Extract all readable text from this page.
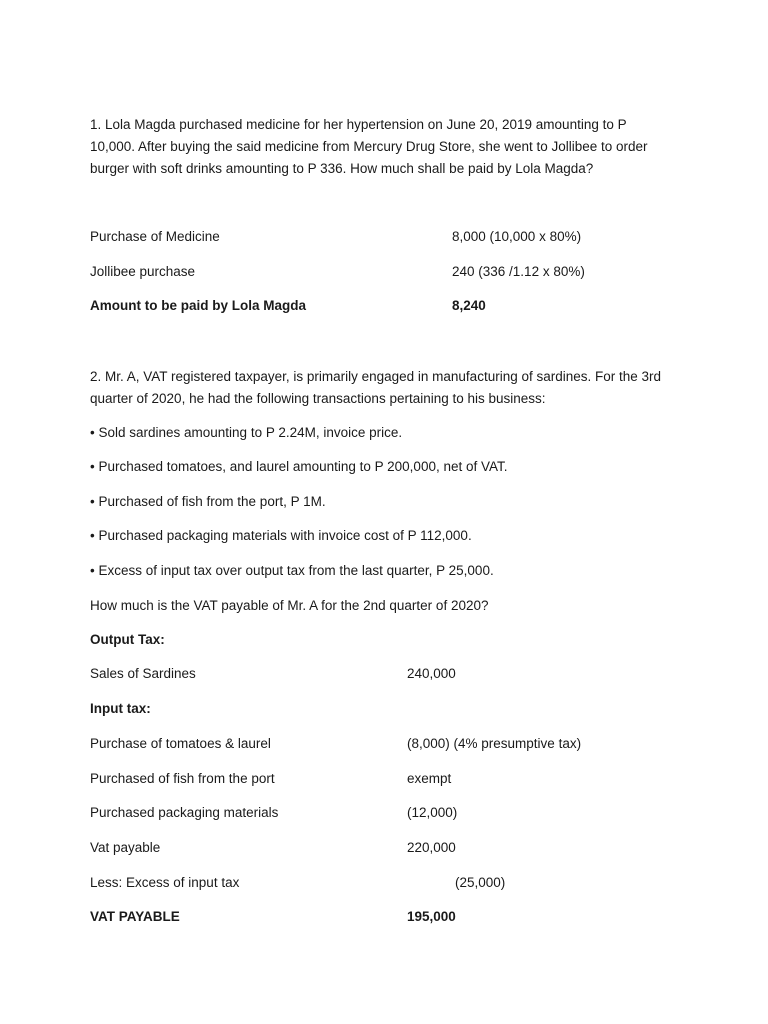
1. Lola Magda purchased medicine for her hypertension on June 20, 2019 amounting to P 10,000. After buying the said medicine from Mercury Drug Store, she went to Jollibee to order burger with soft drinks amounting to P 336. How much shall be paid by Lola Magda?
Purchase of Medicine	8,000 (10,000 x 80%)
Jollibee purchase	240 (336 /1.12 x 80%)
Amount to be paid by Lola Magda	8,240
2. Mr. A, VAT registered taxpayer, is primarily engaged in manufacturing of sardines. For the 3rd quarter of 2020, he had the following transactions pertaining to his business:
• Sold sardines amounting to P 2.24M, invoice price.
• Purchased tomatoes, and laurel amounting to P 200,000, net of VAT.
• Purchased of fish from the port, P 1M.
• Purchased packaging materials with invoice cost of P 112,000.
• Excess of input tax over output tax from the last quarter, P 25,000.
How much is the VAT payable of Mr. A for the 2nd quarter of 2020?
Output Tax:
Sales of Sardines	240,000
Input tax:
Purchase of tomatoes & laurel	(8,000) (4% presumptive tax)
Purchased of fish from the port	exempt
Purchased packaging materials	(12,000)
Vat payable	220,000
Less: Excess of input tax	(25,000)
VAT PAYABLE	195,000
